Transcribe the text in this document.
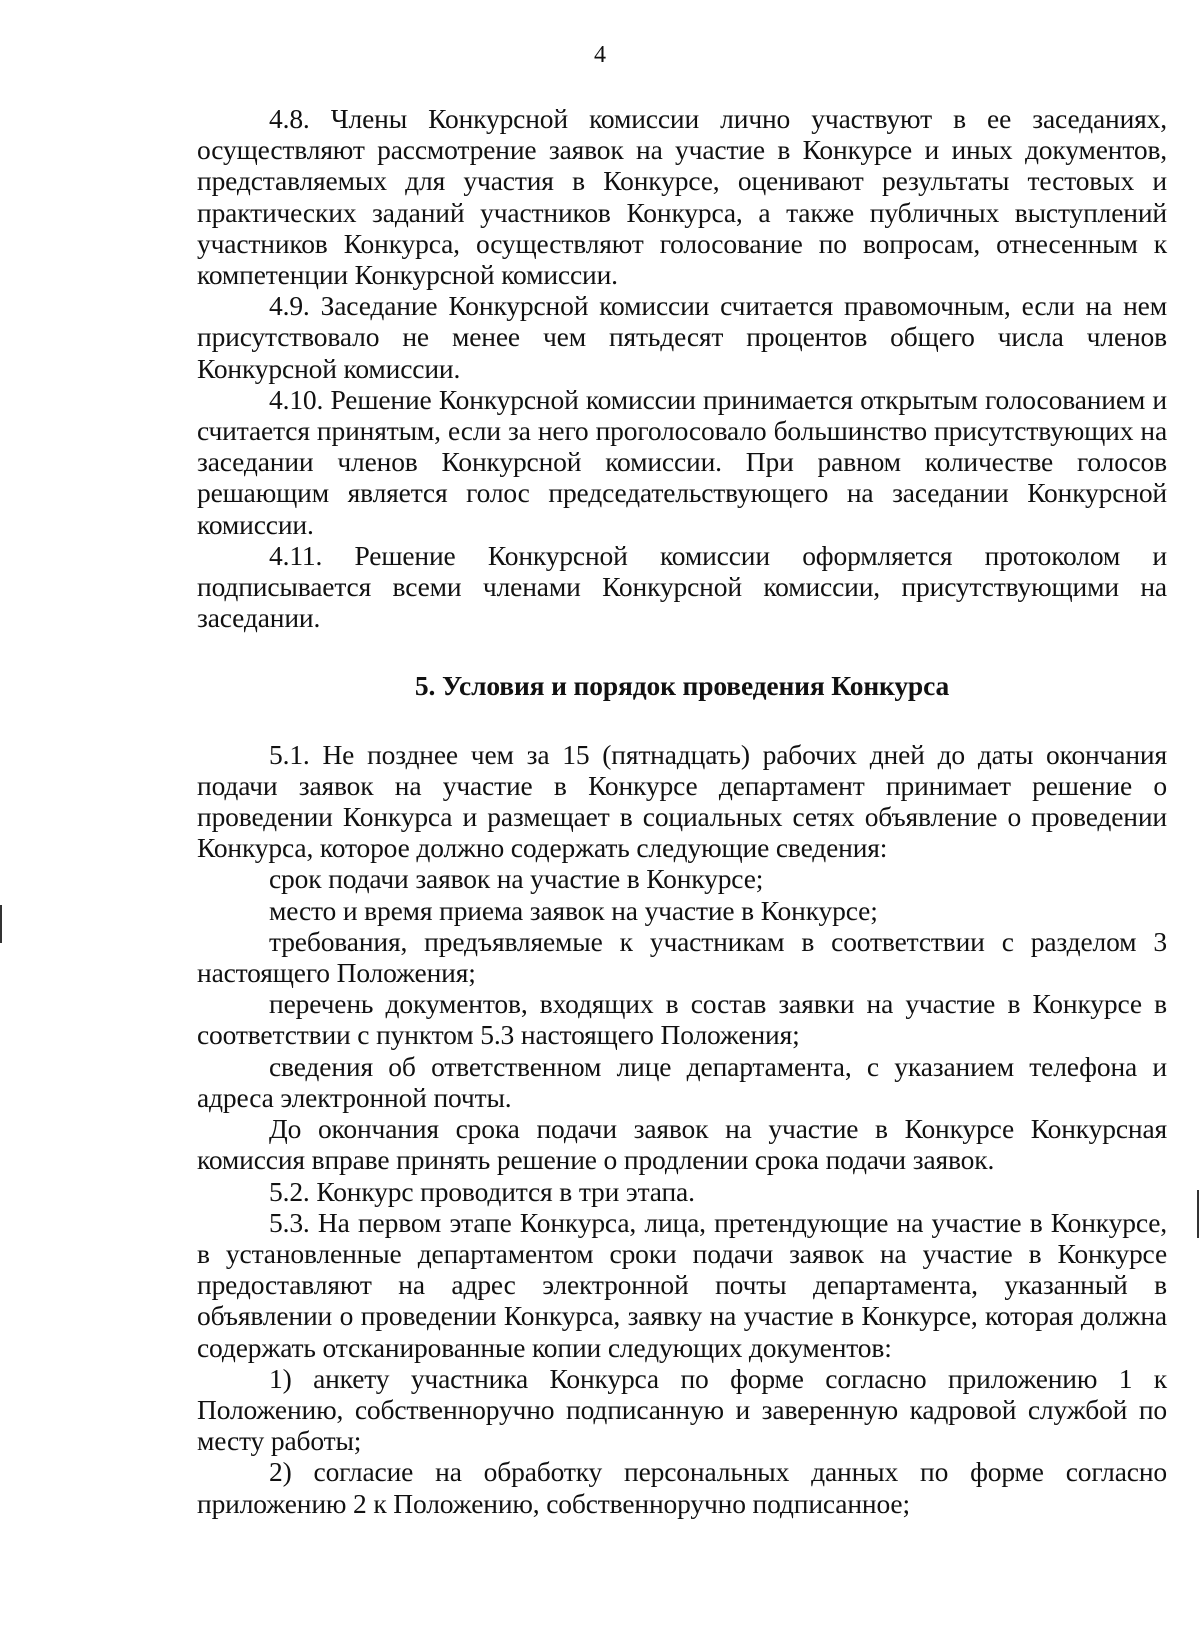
4

4.8. Члены Конкурсной комиссии лично участвуют в ее заседаниях, осуществляют рассмотрение заявок на участие в Конкурсе и иных документов, представляемых для участия в Конкурсе, оценивают результаты тестовых и практических заданий участников Конкурса, а также публичных выступлений участников Конкурса, осуществляют голосование по вопросам, отнесенным к компетенции Конкурсной комиссии.

4.9. Заседание Конкурсной комиссии считается правомочным, если на нем присутствовало не менее чем пятьдесят процентов общего числа членов Конкурсной комиссии.

4.10. Решение Конкурсной комиссии принимается открытым голосованием и считается принятым, если за него проголосовало большинство присутствующих на заседании членов Конкурсной комиссии. При равном количестве голосов решающим является голос председательствующего на заседании Конкурсной комиссии.

4.11. Решение Конкурсной комиссии оформляется протоколом и подписывается всеми членами Конкурсной комиссии, присутствующими на заседании.

5. Условия и порядок проведения Конкурса

5.1. Не позднее чем за 15 (пятнадцать) рабочих дней до даты окончания подачи заявок на участие в Конкурсе департамент принимает решение о проведении Конкурса и размещает в социальных сетях объявление о проведении Конкурса, которое должно содержать следующие сведения:

срок подачи заявок на участие в Конкурсе;

место и время приема заявок на участие в Конкурсе;

требования, предъявляемые к участникам в соответствии с разделом 3 настоящего Положения;

перечень документов, входящих в состав заявки на участие в Конкурсе в соответствии с пунктом 5.3 настоящего Положения;

сведения об ответственном лице департамента, с указанием телефона и адреса электронной почты.

До окончания срока подачи заявок на участие в Конкурсе Конкурсная комиссия вправе принять решение о продлении срока подачи заявок.

5.2. Конкурс проводится в три этапа.

5.3. На первом этапе Конкурса, лица, претендующие на участие в Конкурсе, в установленные департаментом сроки подачи заявок на участие в Конкурсе предоставляют на адрес электронной почты департамента, указанный в объявлении о проведении Конкурса, заявку на участие в Конкурсе, которая должна содержать отсканированные копии следующих документов:

1) анкету участника Конкурса по форме согласно приложению 1 к Положению, собственноручно подписанную и заверенную кадровой службой по месту работы;

2) согласие на обработку персональных данных по форме согласно приложению 2 к Положению, собственноручно подписанное;
